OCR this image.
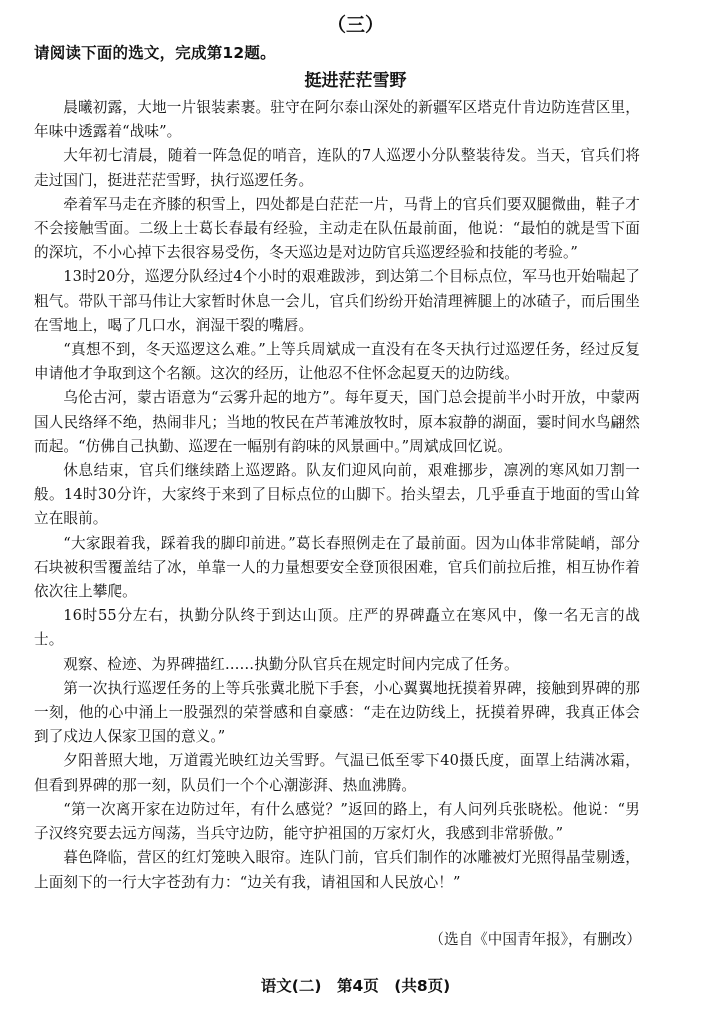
（三）
请阅读下面的选文，完成第12题。
挺进茫茫雪野

晨曦初露，大地一片银装素裹。驻守在阿尔泰山深处的新疆军区塔克什肯边防连营区里，年味中透露着“战味”。

大年初七清晨，随着一阵急促的哨音，连队的7人巡逻小分队整装待发。当天，官兵们将走过国门，挺进茫茫雪野，执行巡逻任务。

牵着军马走在齐膝的积雪上，四处都是白茫茫一片，马背上的官兵们要双腿微曲，鞋子才不会接触雪面。二级上士葛长春最有经验，主动走在队伍最前面，他说：“最怕的就是雪下面的深坑，不小心掉下去很容易受伤，冬天巡边是对边防官兵巡逻经验和技能的考验。”

13时20分，巡逻分队经过4个小时的艰难跋涉，到达第二个目标点位，军马也开始喘起了粗气。带队干部马伟让大家暂时休息一会儿，官兵们纷纷开始清理裤腿上的冰碴子，而后围坐在雪地上，喝了几口水，润湿干裂的嘴唇。

“真想不到，冬天巡逻这么难。”上等兵周斌成一直没有在冬天执行过巡逻任务，经过反复申请他才争取到这个名额。这次的经历，让他忍不住怀念起夏天的边防线。

乌伦古河，蒙古语意为“云雾升起的地方”。每年夏天，国门总会提前半小时开放，中蒙两国人民络绎不绝，热闹非凡；当地的牧民在芦苇滩放牧时，原本寂静的湖面，霎时间水鸟翩然而起。“仿佛自己执勤、巡逻在一幅别有韵味的风景画中。”周斌成回忆说。

休息结束，官兵们继续踏上巡逻路。队友们迎风向前，艰难挪步，凛冽的寒风如刀割一般。14时30分许，大家终于来到了目标点位的山脚下。抬头望去，几乎垂直于地面的雪山耸立在眼前。

“大家跟着我，踩着我的脚印前进。”葛长春照例走在了最前面。因为山体非常陡峭，部分石块被积雪覆盖结了冰，单靠一人的力量想要安全登顶很困难，官兵们前拉后推，相互协作着依次往上攀爬。

16时55分左右，执勤分队终于到达山顶。庄严的界碑矗立在寒风中，像一名无言的战士。

观察、检迹、为界碑描红……执勤分队官兵在规定时间内完成了任务。

第一次执行巡逻任务的上等兵张冀北脱下手套，小心翼翼地抚摸着界碑，接触到界碑的那一刻，他的心中涌上一股强烈的荣誉感和自豪感：“走在边防线上，抚摸着界碑，我真正体会到了戍边人保家卫国的意义。”

夕阳普照大地，万道霞光映红边关雪野。气温已低至零下40摄氏度，面罩上结满冰霜，但看到界碑的那一刻，队员们一个个心潮澎湃、热血沸腾。

“第一次离开家在边防过年，有什么感觉？”返回的路上，有人问列兵张晓松。他说：“男子汉终究要去远方闯荡，当兵守边防，能守护祖国的万家灯火，我感到非常骄傲。”

暮色降临，营区的红灯笼映入眼帘。连队门前，官兵们制作的冰雕被灯光照得晶莹剔透，上面刻下的一行大字苍劲有力：“边关有我，请祖国和人民放心！”

（选自《中国青年报》，有删改）
语文(二)　第4页　(共8页)
